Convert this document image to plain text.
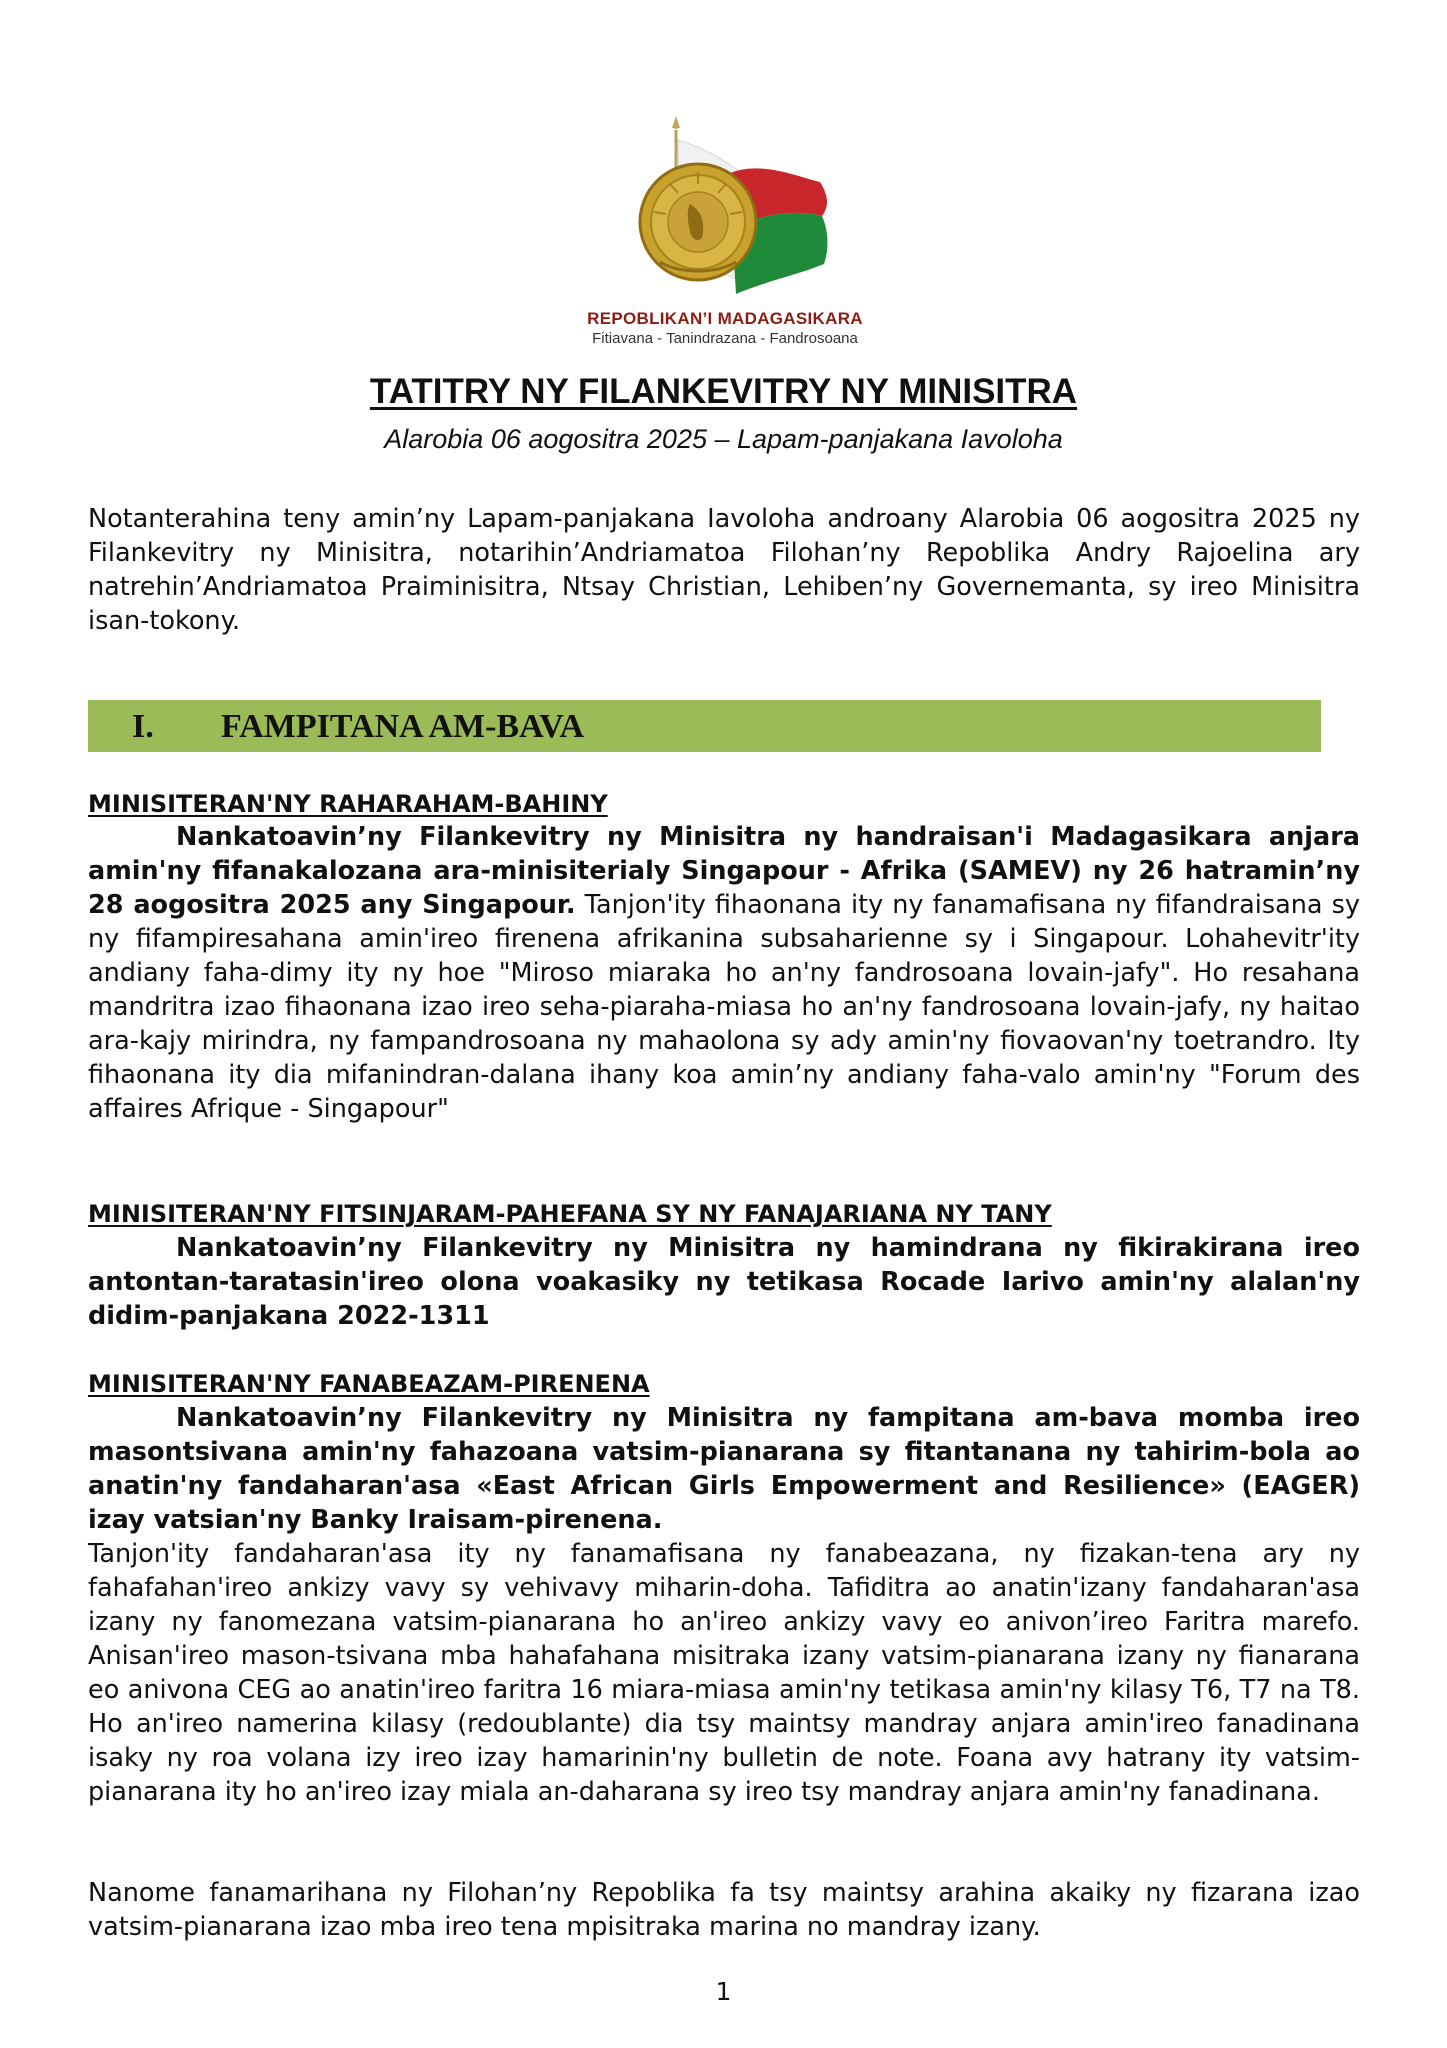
REPOBLIKAN’I MADAGASIKARA
Fitiavana - Tanindrazana - Fandrosoana
TATITRY NY FILANKEVITRY NY MINISITRA
Alarobia 06 aogositra 2025 – Lapam-panjakana Iavoloha
Notanterahina teny amin’ny Lapam-panjakana Iavoloha androany Alarobia 06 aogositra 2025 ny Filankevitry ny Minisitra, notarihin’Andriamatoa Filohan’ny Repoblika Andry Rajoelina ary natrehin’Andriamatoa Praiminisitra, Ntsay Christian, Lehiben’ny Governemanta, sy ireo Minisitra isan-tokony.
I. FAMPITANA AM-BAVA
MINISITERAN'NY RAHARAHAM-BAHINY
Nankatoavin’ny Filankevitry ny Minisitra ny handraisan'i Madagasikara anjara amin'ny fifanakalozana ara-minisiterialy Singapour - Afrika (SAMEV) ny 26 hatramin’ny 28 aogositra 2025 any Singapour. Tanjon'ity fihaonana ity ny fanamafisana ny fifandraisana sy ny fifampiresahana amin'ireo firenena afrikanina subsaharienne sy i Singapour. Lohahevitr'ity andiany faha-dimy ity ny hoe "Miroso miaraka ho an'ny fandrosoana lovain-jafy". Ho resahana mandritra izao fihaonana izao ireo seha-piaraha-miasa ho an'ny fandrosoana lovain-jafy, ny haitao ara-kajy mirindra, ny fampandrosoana ny mahaolona sy ady amin'ny fiovaovan'ny toetrandro. Ity fihaonana ity dia mifanindran-dalana ihany koa amin’ny andiany faha-valo amin'ny "Forum des affaires Afrique - Singapour"
MINISITERAN'NY FITSINJARAM-PAHEFANA SY NY FANAJARIANA NY TANY
Nankatoavin’ny Filankevitry ny Minisitra ny hamindrana ny fikirakirana ireo antontan-taratasin'ireo olona voakasiky ny tetikasa Rocade Iarivo amin'ny alalan'ny didim-panjakana 2022-1311
MINISITERAN'NY FANABEAZAM-PIRENENA
Nankatoavin’ny Filankevitry ny Minisitra ny fampitana am-bava momba ireo masontsivana amin'ny fahazoana vatsim-pianarana sy fitantanana ny tahirim-bola ao anatin'ny fandaharan'asa «East African Girls Empowerment and Resilience» (EAGER) izay vatsian'ny Banky Iraisam-pirenena.
Tanjon'ity fandaharan'asa ity ny fanamafisana ny fanabeazana, ny fizakan-tena ary ny fahafahan'ireo ankizy vavy sy vehivavy miharin-doha. Tafiditra ao anatin'izany fandaharan'asa izany ny fanomezana vatsim-pianarana ho an'ireo ankizy vavy eo anivon’ireo Faritra marefo. Anisan'ireo mason-tsivana mba hahafahana misitraka izany vatsim-pianarana izany ny fianarana eo anivona CEG ao anatin'ireo faritra 16 miara-miasa amin'ny tetikasa amin'ny kilasy T6, T7 na T8. Ho an'ireo namerina kilasy (redoublante) dia tsy maintsy mandray anjara amin'ireo fanadinana isaky ny roa volana izy ireo izay hamarinin'ny bulletin de note. Foana avy hatrany ity vatsim-pianarana ity ho an'ireo izay miala an-daharana sy ireo tsy mandray anjara amin'ny fanadinana.
Nanome fanamarihana ny Filohan’ny Repoblika fa tsy maintsy arahina akaiky ny fizarana izao vatsim-pianarana izao mba ireo tena mpisitraka marina no mandray izany.
1
